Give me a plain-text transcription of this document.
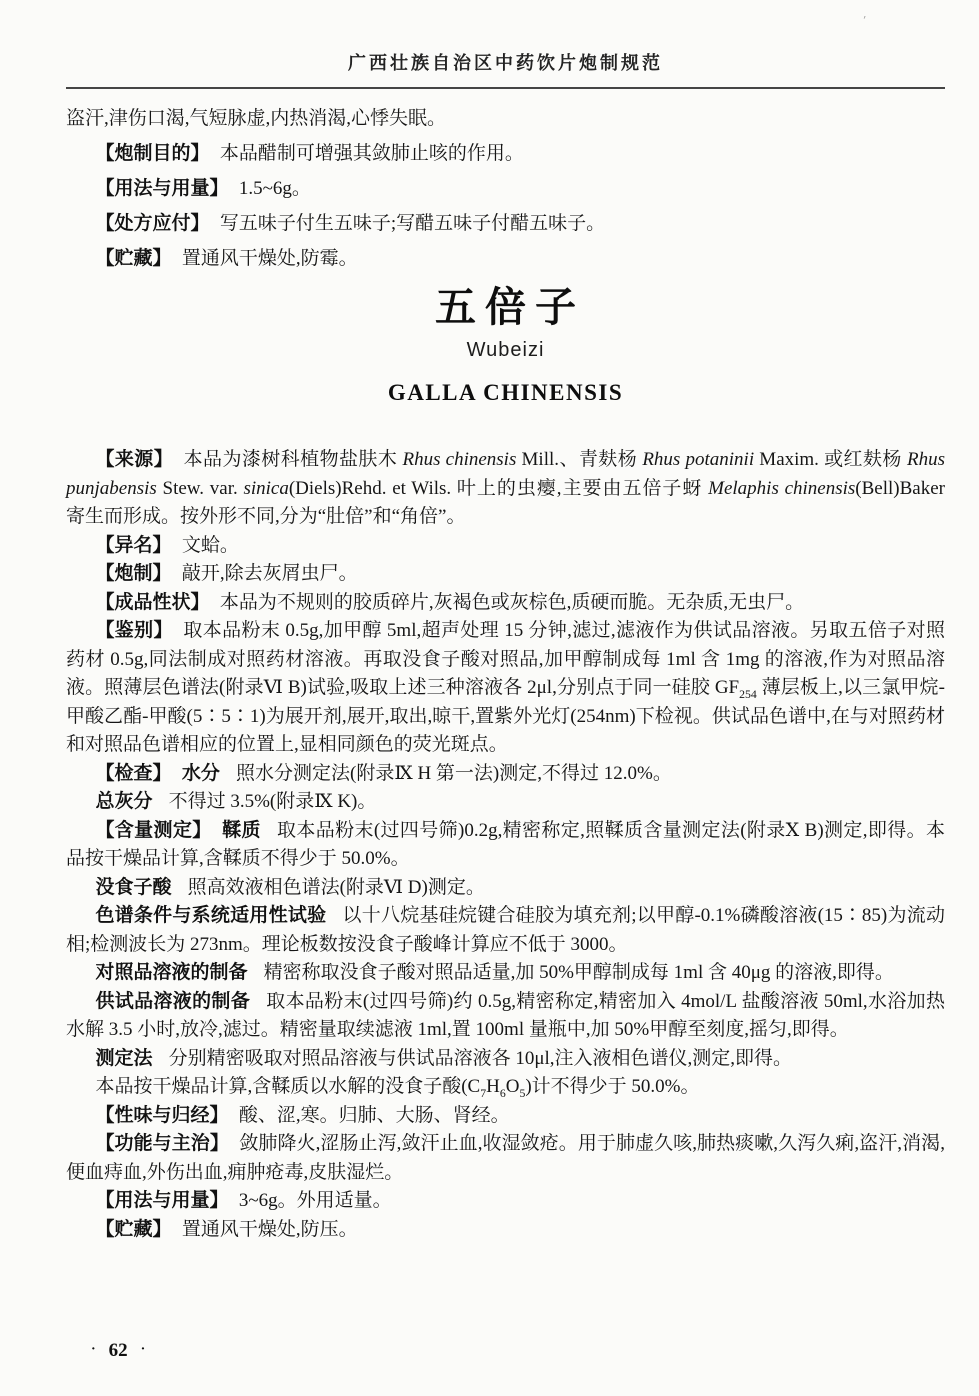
ʹ
广西壮族自治区中药饮片炮制规范

盗汗,津伤口渴,气短脉虚,内热消渴,心悸失眠。

【炮制目的】 本品醋制可增强其敛肺止咳的作用。

【用法与用量】 1.5~6g。

【处方应付】 写五味子付生五味子;写醋五味子付醋五味子。

【贮藏】 置通风干燥处,防霉。

五倍子
Wubeizi
GALLA CHINENSIS

【来源】 本品为漆树科植物盐肤木 Rhus chinensis Mill.、青麸杨 Rhus potaninii Maxim. 或红麸杨 Rhus punjabensis Stew. var. sinica(Diels)Rehd. et Wils. 叶上的虫瘿,主要由五倍子蚜 Melaphis chinensis(Bell)Baker 寄生而形成。按外形不同,分为“肚倍”和“角倍”。

【异名】 文蛤。

【炮制】 敲开,除去灰屑虫尸。

【成品性状】 本品为不规则的胶质碎片,灰褐色或灰棕色,质硬而脆。无杂质,无虫尸。

【鉴别】 取本品粉末 0.5g,加甲醇 5ml,超声处理 15 分钟,滤过,滤液作为供试品溶液。另取五倍子对照药材 0.5g,同法制成对照药材溶液。再取没食子酸对照品,加甲醇制成每 1ml 含 1mg 的溶液,作为对照品溶液。照薄层色谱法(附录Ⅵ B)试验,吸取上述三种溶液各 2μl,分别点于同一硅胶 $GF_{254}$ 薄层板上,以三氯甲烷-甲酸乙酯-甲酸(5∶5∶1)为展开剂,展开,取出,晾干,置紫外光灯(254nm)下检视。供试品色谱中,在与对照药材和对照品色谱相应的位置上,显相同颜色的荧光斑点。

【检查】 水分 照水分测定法(附录Ⅸ H 第一法)测定,不得过 12.0%。

总灰分 不得过 3.5%(附录Ⅸ K)。

【含量测定】 鞣质 取本品粉末(过四号筛)0.2g,精密称定,照鞣质含量测定法(附录Ⅹ B)测定,即得。本品按干燥品计算,含鞣质不得少于 50.0%。

没食子酸 照高效液相色谱法(附录Ⅵ D)测定。

色谱条件与系统适用性试验 以十八烷基硅烷键合硅胶为填充剂;以甲醇-0.1%磷酸溶液(15∶85)为流动相;检测波长为 273nm。理论板数按没食子酸峰计算应不低于 3000。

对照品溶液的制备 精密称取没食子酸对照品适量,加 50%甲醇制成每 1ml 含 40μg 的溶液,即得。

供试品溶液的制备 取本品粉末(过四号筛)约 0.5g,精密称定,精密加入 4mol/L 盐酸溶液 50ml,水浴加热水解 3.5 小时,放冷,滤过。精密量取续滤液 1ml,置 100ml 量瓶中,加 50%甲醇至刻度,摇匀,即得。

测定法 分别精密吸取对照品溶液与供试品溶液各 10μl,注入液相色谱仪,测定,即得。

本品按干燥品计算,含鞣质以水解的没食子酸$(C_7H_6O_5)$计不得少于 50.0%。

【性味与归经】 酸、涩,寒。归肺、大肠、肾经。

【功能与主治】 敛肺降火,涩肠止泻,敛汗止血,收湿敛疮。用于肺虚久咳,肺热痰嗽,久泻久痢,盗汗,消渴,便血痔血,外伤出血,痈肿疮毒,皮肤湿烂。

【用法与用量】 3~6g。外用适量。

【贮藏】 置通风干燥处,防压。

· 62 ·
